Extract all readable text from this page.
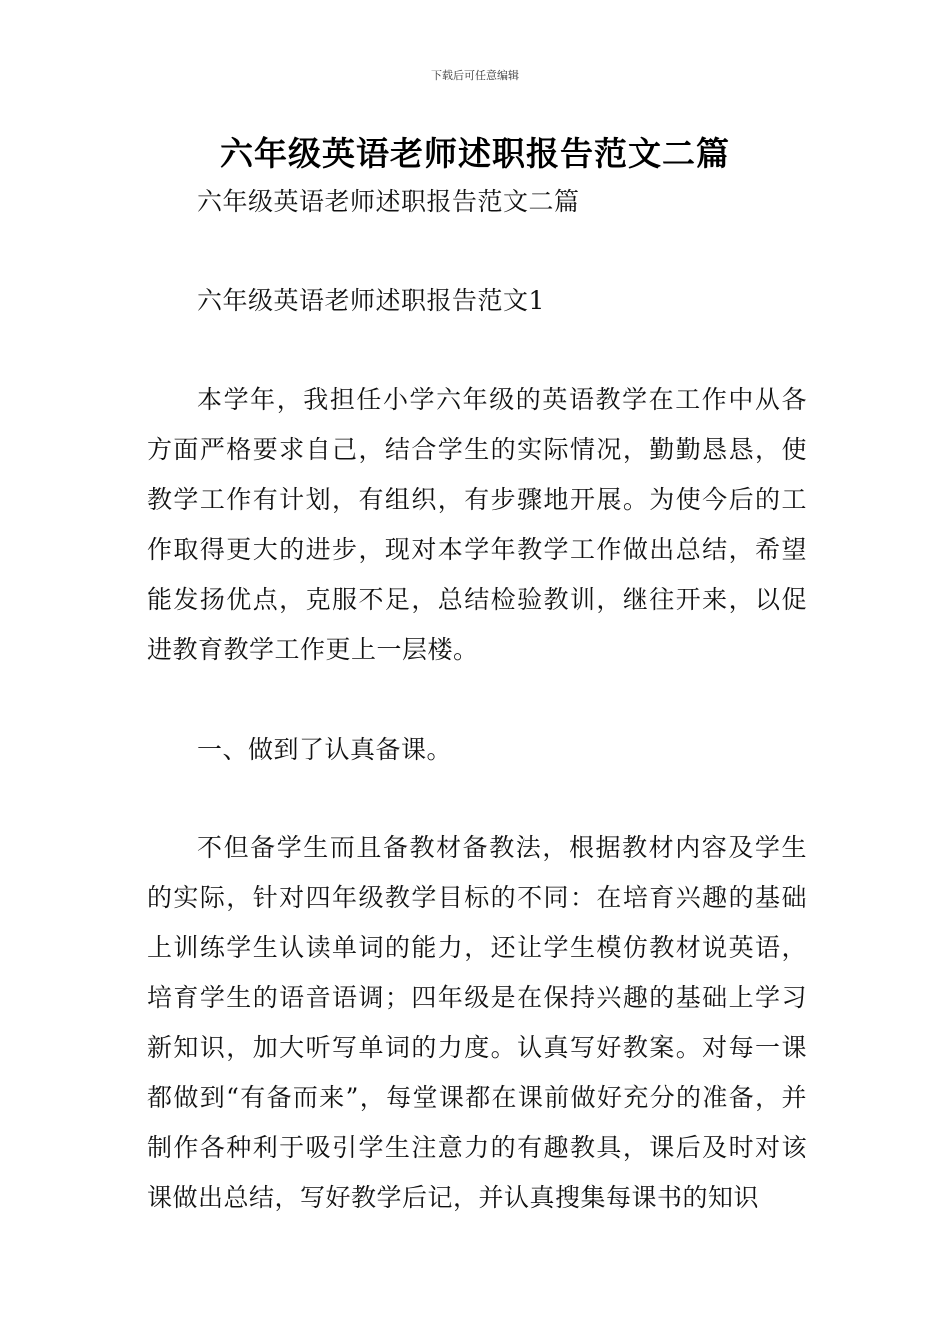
下载后可任意编辑
六年级英语老师述职报告范文二篇
六年级英语老师述职报告范文二篇
六年级英语老师述职报告范文1
本学年，我担任小学六年级的英语教学在工作中从各方面严格要求自己，结合学生的实际情况，勤勤恳恳，使教学工作有计划，有组织，有步骤地开展。为使今后的工作取得更大的进步，现对本学年教学工作做出总结，希望能发扬优点，克服不足，总结检验教训，继往开来，以促进教育教学工作更上一层楼。
一、做到了认真备课。
不但备学生而且备教材备教法，根据教材内容及学生的实际，针对四年级教学目标的不同：在培育兴趣的基础上训练学生认读单词的能力，还让学生模仿教材说英语，培育学生的语音语调；四年级是在保持兴趣的基础上学习新知识，加大听写单词的力度。认真写好教案。对每一课都做到“有备而来”，每堂课都在课前做好充分的准备，并制作各种利于吸引学生注意力的有趣教具，课后及时对该课做出总结，写好教学后记，并认真搜集每课书的知识
